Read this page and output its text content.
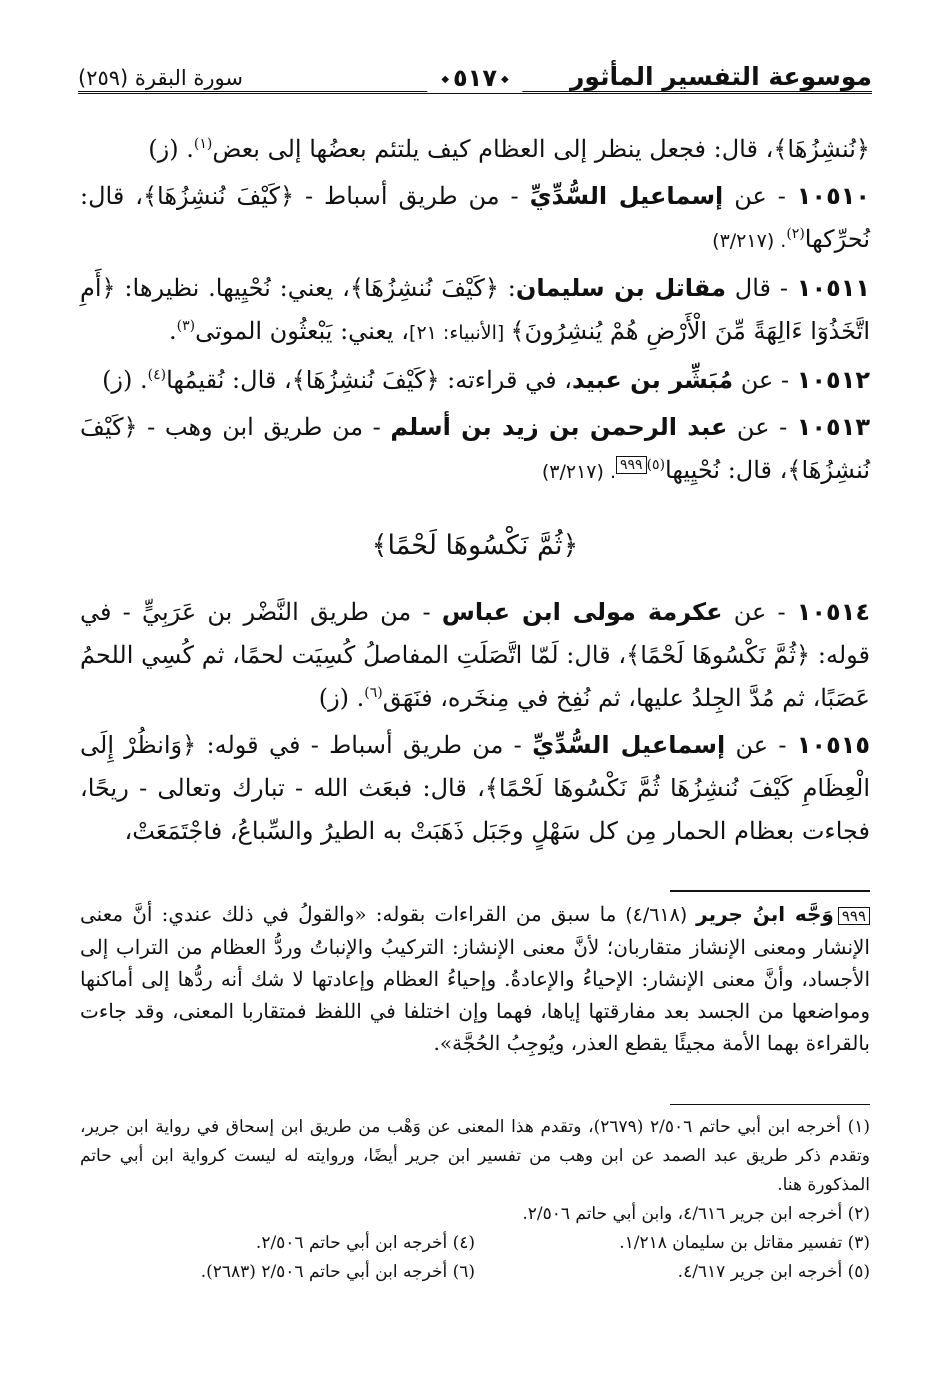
موسوعة التفسير المأثور
◆ ٥١٧ ◆
سورة البقرة (٢٥٩)

﴿نُنشِزُهَا﴾، قال: فجعل ينظر إلى العظام كيف يلتئم بعضُها إلى بعض$^{(١)}$. (ز)

١٠٥١٠ - عن إسماعيل السُّدِّيِّ - من طريق أسباط - ﴿كَيْفَ نُنشِزُهَا﴾، قال: نُحرِّكها$^{(٢)}$. (٣/٢١٧)

١٠٥١١ - قال مقاتل بن سليمان: ﴿كَيْفَ نُنشِزُهَا﴾، يعني: نُحْيِيها. نظيرها: ﴿أَمِ اتَّخَذُوٓا ءَالِهَةً مِّنَ الْأَرْضِ هُمْ يُنشِرُونَ﴾ [الأنبياء: ٢١]، يعني: يَبْعثُون الموتى$^{(٣)}$.

١٠٥١٢ - عن مُبَشِّر بن عبيد، في قراءته: ﴿كَيْفَ نُنشِزُهَا﴾، قال: نُقيمُها$^{(٤)}$. (ز)

١٠٥١٣ - عن عبد الرحمن بن زيد بن أسلم - من طريق ابن وهب - ﴿كَيْفَ نُنشِزُهَا﴾، قال: نُحْيِيها$^{(٥)}$٩٩٩. (٣/٢١٧)

﴿ثُمَّ نَكْسُوهَا لَحْمًا﴾

١٠٥١٤ - عن عكرمة مولى ابن عباس - من طريق النَّضْر بن عَرَبِيٍّ - في قوله: ﴿ثُمَّ نَكْسُوهَا لَحْمًا﴾، قال: لَمّا اتَّصَلَتِ المفاصلُ كُسِيَت لحمًا، ثم كُسِي اللحمُ عَصَبًا، ثم مُدَّ الجِلدُ عليها، ثم نُفِخ في مِنخَره، فنَهَق$^{(٦)}$. (ز)

١٠٥١٥ - عن إسماعيل السُّدِّيِّ - من طريق أسباط - في قوله: ﴿وَانظُرْ إِلَى الْعِظَامِ كَيْفَ نُنشِزُهَا ثُمَّ نَكْسُوهَا لَحْمًا﴾، قال: فبعَث الله - تبارك وتعالى - ريحًا، فجاءت بعظام الحمار مِن كل سَهْلٍ وجَبَل ذَهَبَتْ به الطيرُ والسِّباعُ، فاجْتَمَعَتْ،

٩٩٩وَجَّه ابنُ جرير (٤/٦١٨) ما سبق من القراءات بقوله: «والقولُ في ذلك عندي: أنَّ معنى الإنشار ومعنى الإنشاز متقاربان؛ لأنَّ معنى الإنشاز: التركيبُ والإنباتُ وردُّ العظام من التراب إلى الأجساد، وأنَّ معنى الإنشار: الإحياءُ والإعادةُ. وإحياءُ العظام وإعادتها لا شك أنه ردُّها إلى أماكنها ومواضعها من الجسد بعد مفارقتها إياها، فهما وإن اختلفا في اللفظ فمتقاربا المعنى، وقد جاءت بالقراءة بهما الأمة مجيئًا يقطع العذر، ويُوجِبُ الحُجَّة».

(١) أخرجه ابن أبي حاتم ٢/٥٠٦ (٢٦٧٩)، وتقدم هذا المعنى عن وَهْب من طريق ابن إسحاق في رواية ابن جرير، وتقدم ذكر طريق عبد الصمد عن ابن وهب من تفسير ابن جرير أيضًا، وروايته له ليست كرواية ابن أبي حاتم المذكورة هنا.

(٢) أخرجه ابن جرير ٤/٦١٦، وابن أبي حاتم ٢/٥٠٦.

(٣) تفسير مقاتل بن سليمان ١/٢١٨.

(٤) أخرجه ابن أبي حاتم ٢/٥٠٦.

(٥) أخرجه ابن جرير ٤/٦١٧.

(٦) أخرجه ابن أبي حاتم ٢/٥٠٦ (٢٦٨٣).
